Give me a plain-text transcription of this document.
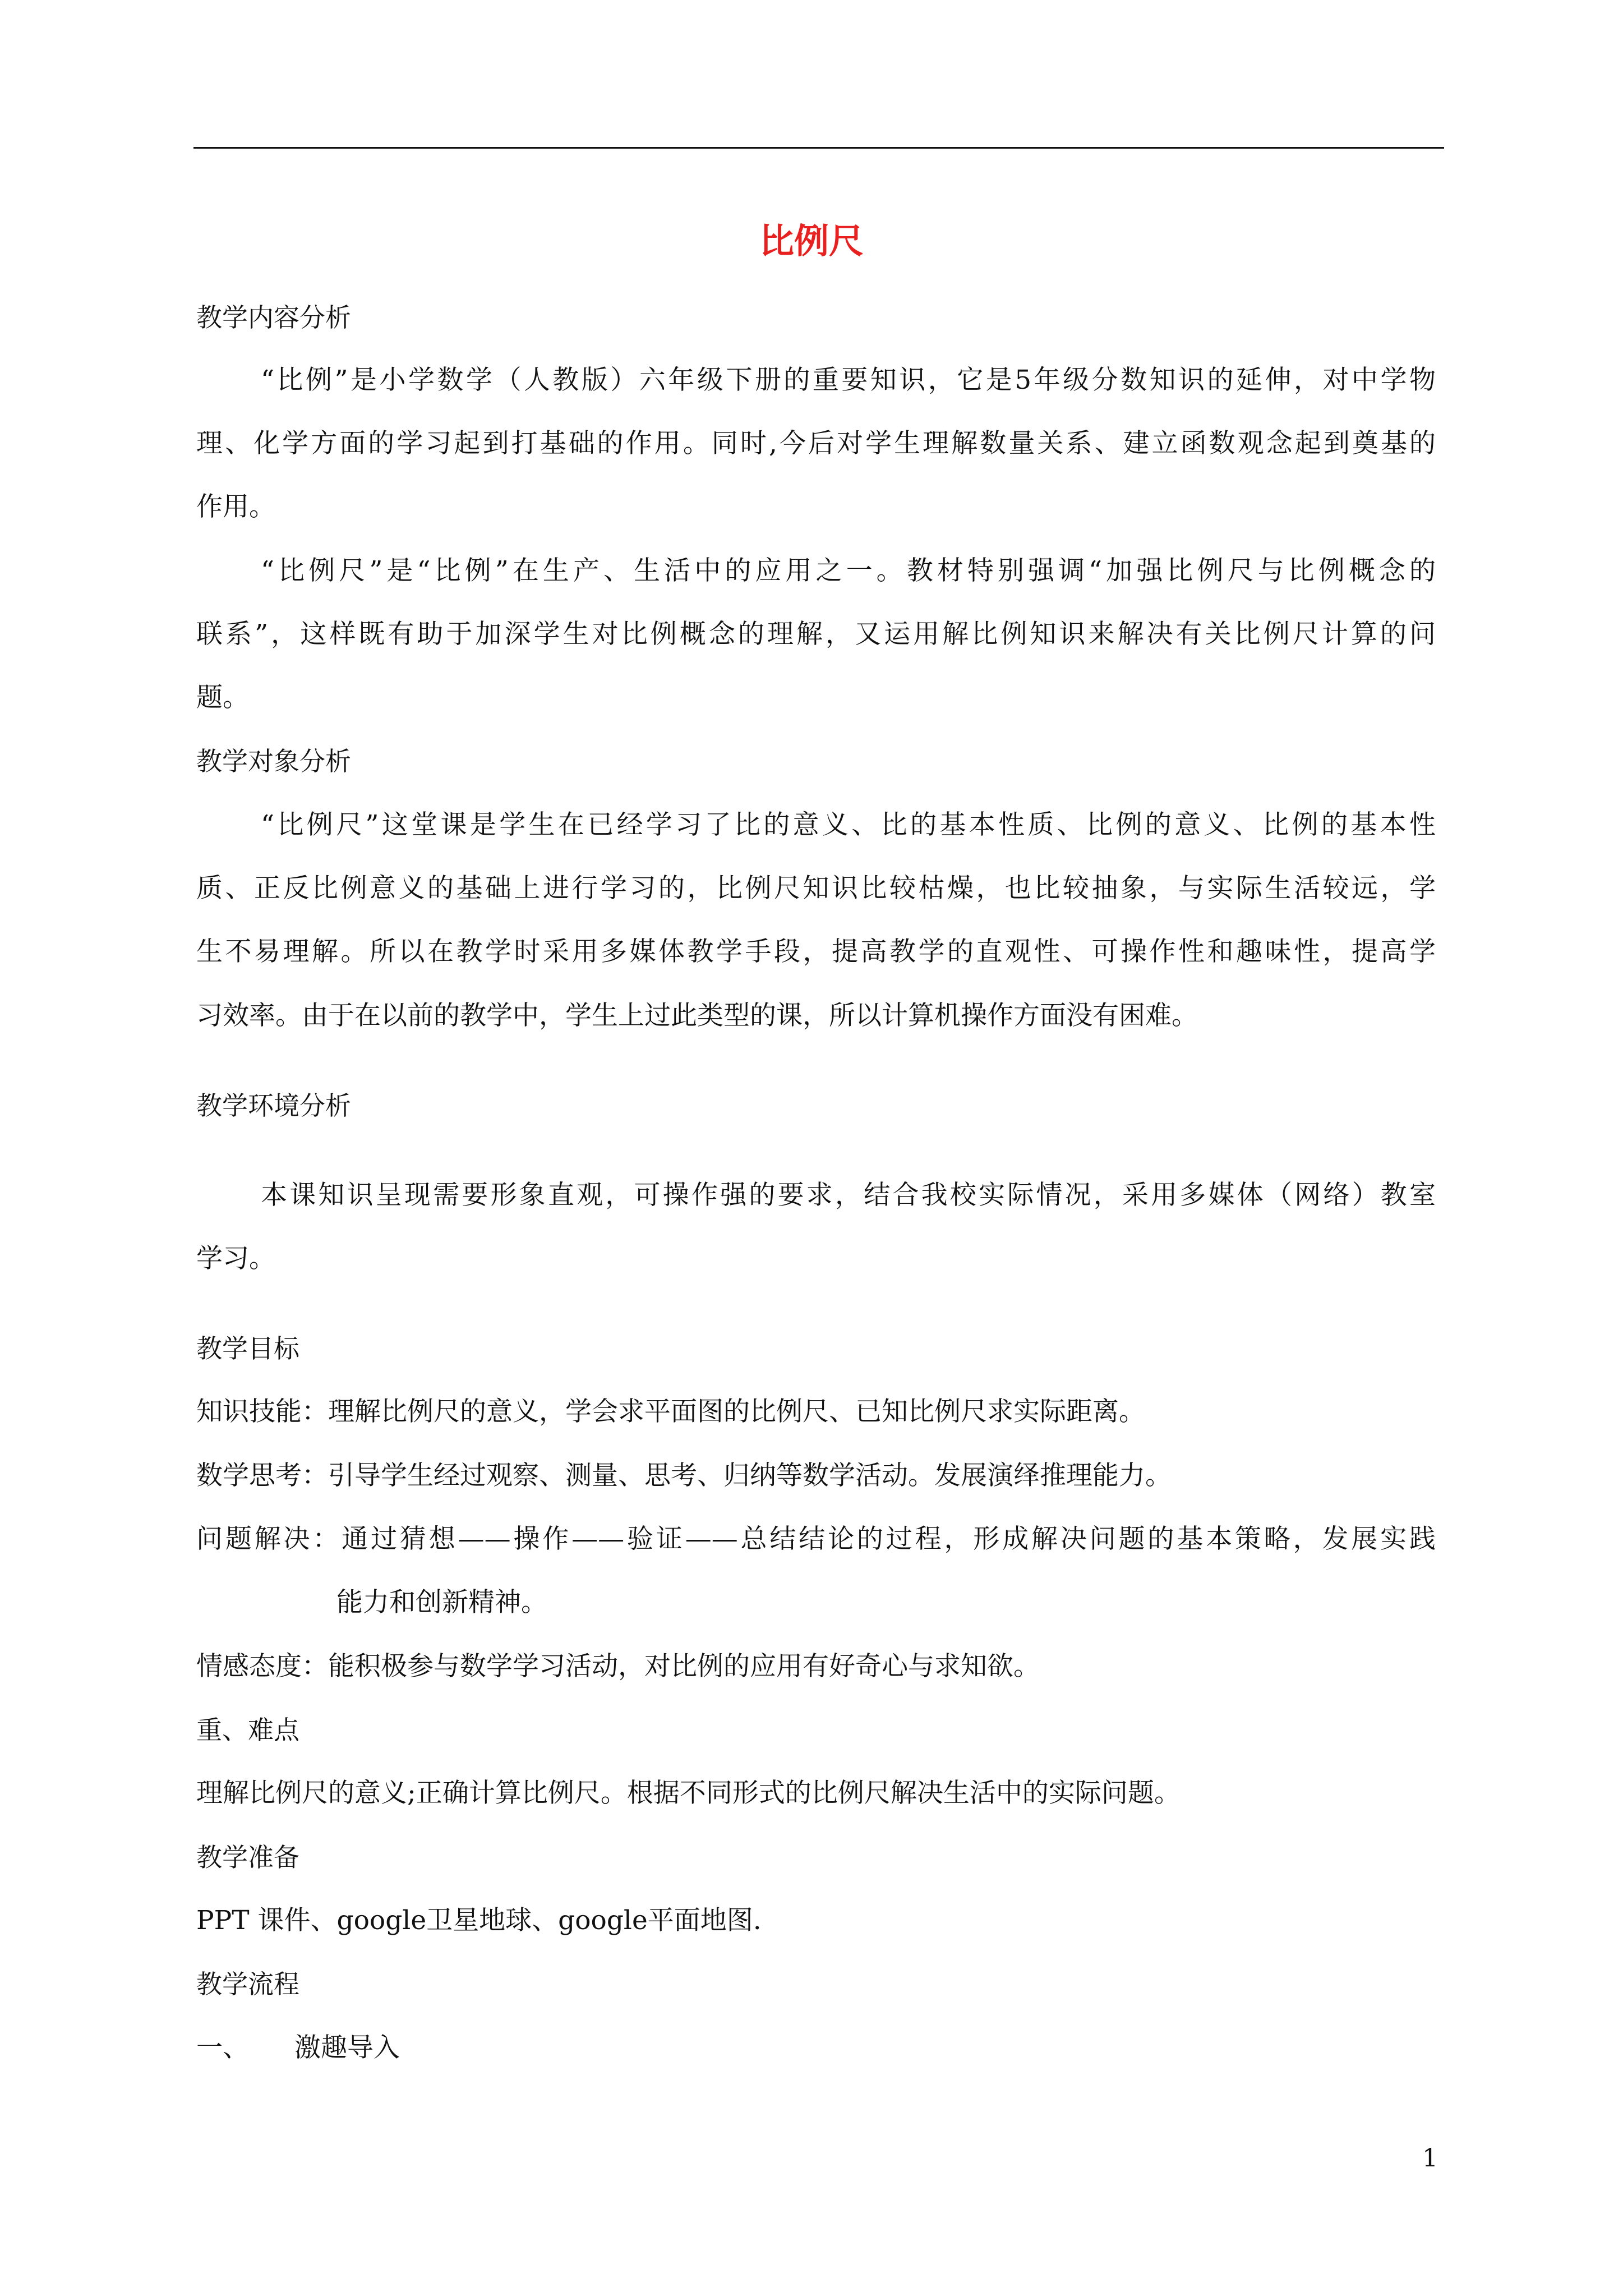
比例尺
教学内容分析
“比例”是小学数学（人教版）六年级下册的重要知识，它是5年级分数知识的延伸，对中学物
理、化学方面的学习起到打基础的作用。同时,今后对学生理解数量关系、建立函数观念起到奠基的
作用。
“比例尺”是“比例”在生产、生活中的应用之一。教材特别强调“加强比例尺与比例概念的
联系”，这样既有助于加深学生对比例概念的理解，又运用解比例知识来解决有关比例尺计算的问
题。
教学对象分析
“比例尺”这堂课是学生在已经学习了比的意义、比的基本性质、比例的意义、比例的基本性
质、正反比例意义的基础上进行学习的，比例尺知识比较枯燥，也比较抽象，与实际生活较远，学
生不易理解。所以在教学时采用多媒体教学手段，提高教学的直观性、可操作性和趣味性，提高学
习效率。由于在以前的教学中，学生上过此类型的课，所以计算机操作方面没有困难。
教学环境分析
本课知识呈现需要形象直观，可操作强的要求，结合我校实际情况，采用多媒体（网络）教室
学习。
教学目标
知识技能：理解比例尺的意义，学会求平面图的比例尺、已知比例尺求实际距离。
数学思考：引导学生经过观察、测量、思考、归纳等数学活动。发展演绎推理能力。
问题解决：通过猜想——操作——验证——总结结论的过程，形成解决问题的基本策略，发展实践
能力和创新精神。
情感态度：能积极参与数学学习活动，对比例的应用有好奇心与求知欲。
重、难点
理解比例尺的意义;正确计算比例尺。根据不同形式的比例尺解决生活中的实际问题。
教学准备
PPT 课件、google卫星地球、google平面地图.
教学流程
一、 激趣导入
1
